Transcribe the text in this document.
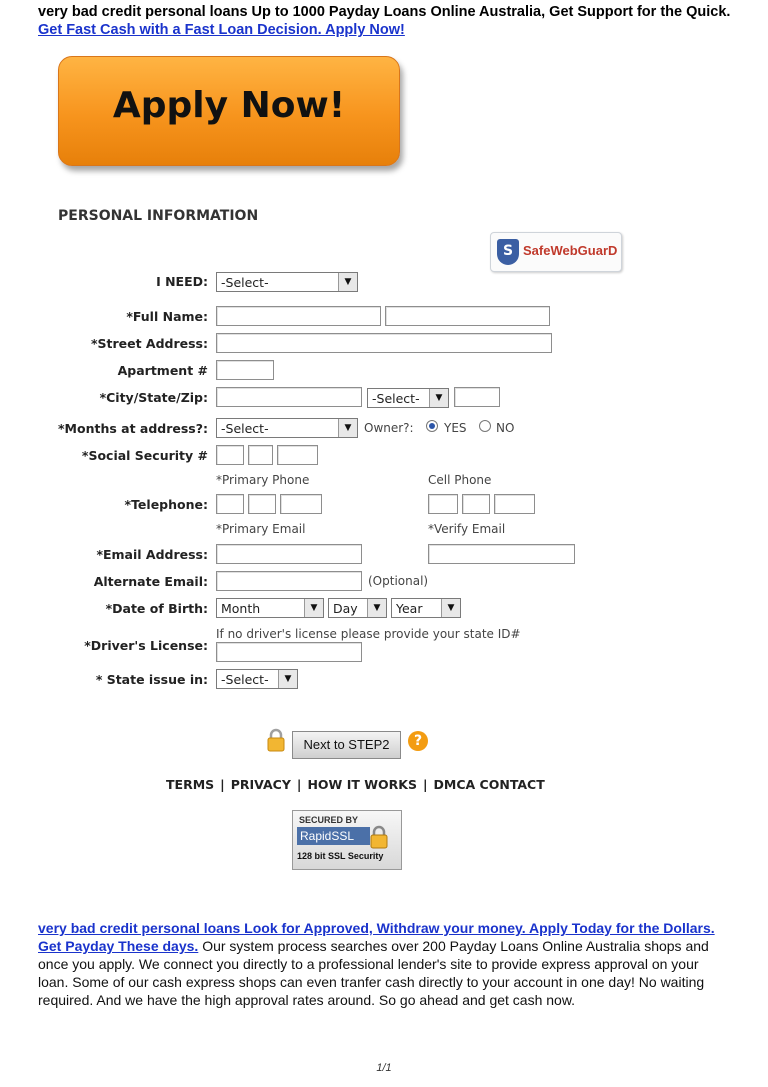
very bad credit personal loans Up to 1000 Payday Loans Online Australia, Get Support for the Quick.
Get Fast Cash with a Fast Loan Decision. Apply Now!
Apply Now!
PERSONAL INFORMATION
S SafeWebGuarD
I NEED: -Select-	▼
*Full Name:
*Street Address:
Apartment #
*City/State/Zip:	-Select-	▼
*Months at address?: -Select-	▼	Owner?:	YES NO
*Social Security #
*Primary Phone	Cell Phone
*Telephone:
*Primary Email	*Verify Email
*Email Address:
Alternate Email:	(Optional)
*Date of Birth: Month	▼	Day	▼	Year	▼
If no driver's license please provide your state ID#
*Driver's License:
* State issue in: -Select-	▼
Next to STEP2	?
TERMS | PRIVACY | HOW IT WORKS | DMCA CONTACT
SECURED BY
RapidSSL
128 bit SSL Security
very bad credit personal loans Look for Approved, Withdraw your money. Apply Today for the Dollars. Get Payday These days. Our system process searches over 200 Payday Loans Online Australia shops and once you apply. We connect you directly to a professional lender's site to provide express approval on your loan. Some of our cash express shops can even tranfer cash directly to your account in one day! No waiting required. And we have the high approval rates around. So go ahead and get cash now.
1/1
